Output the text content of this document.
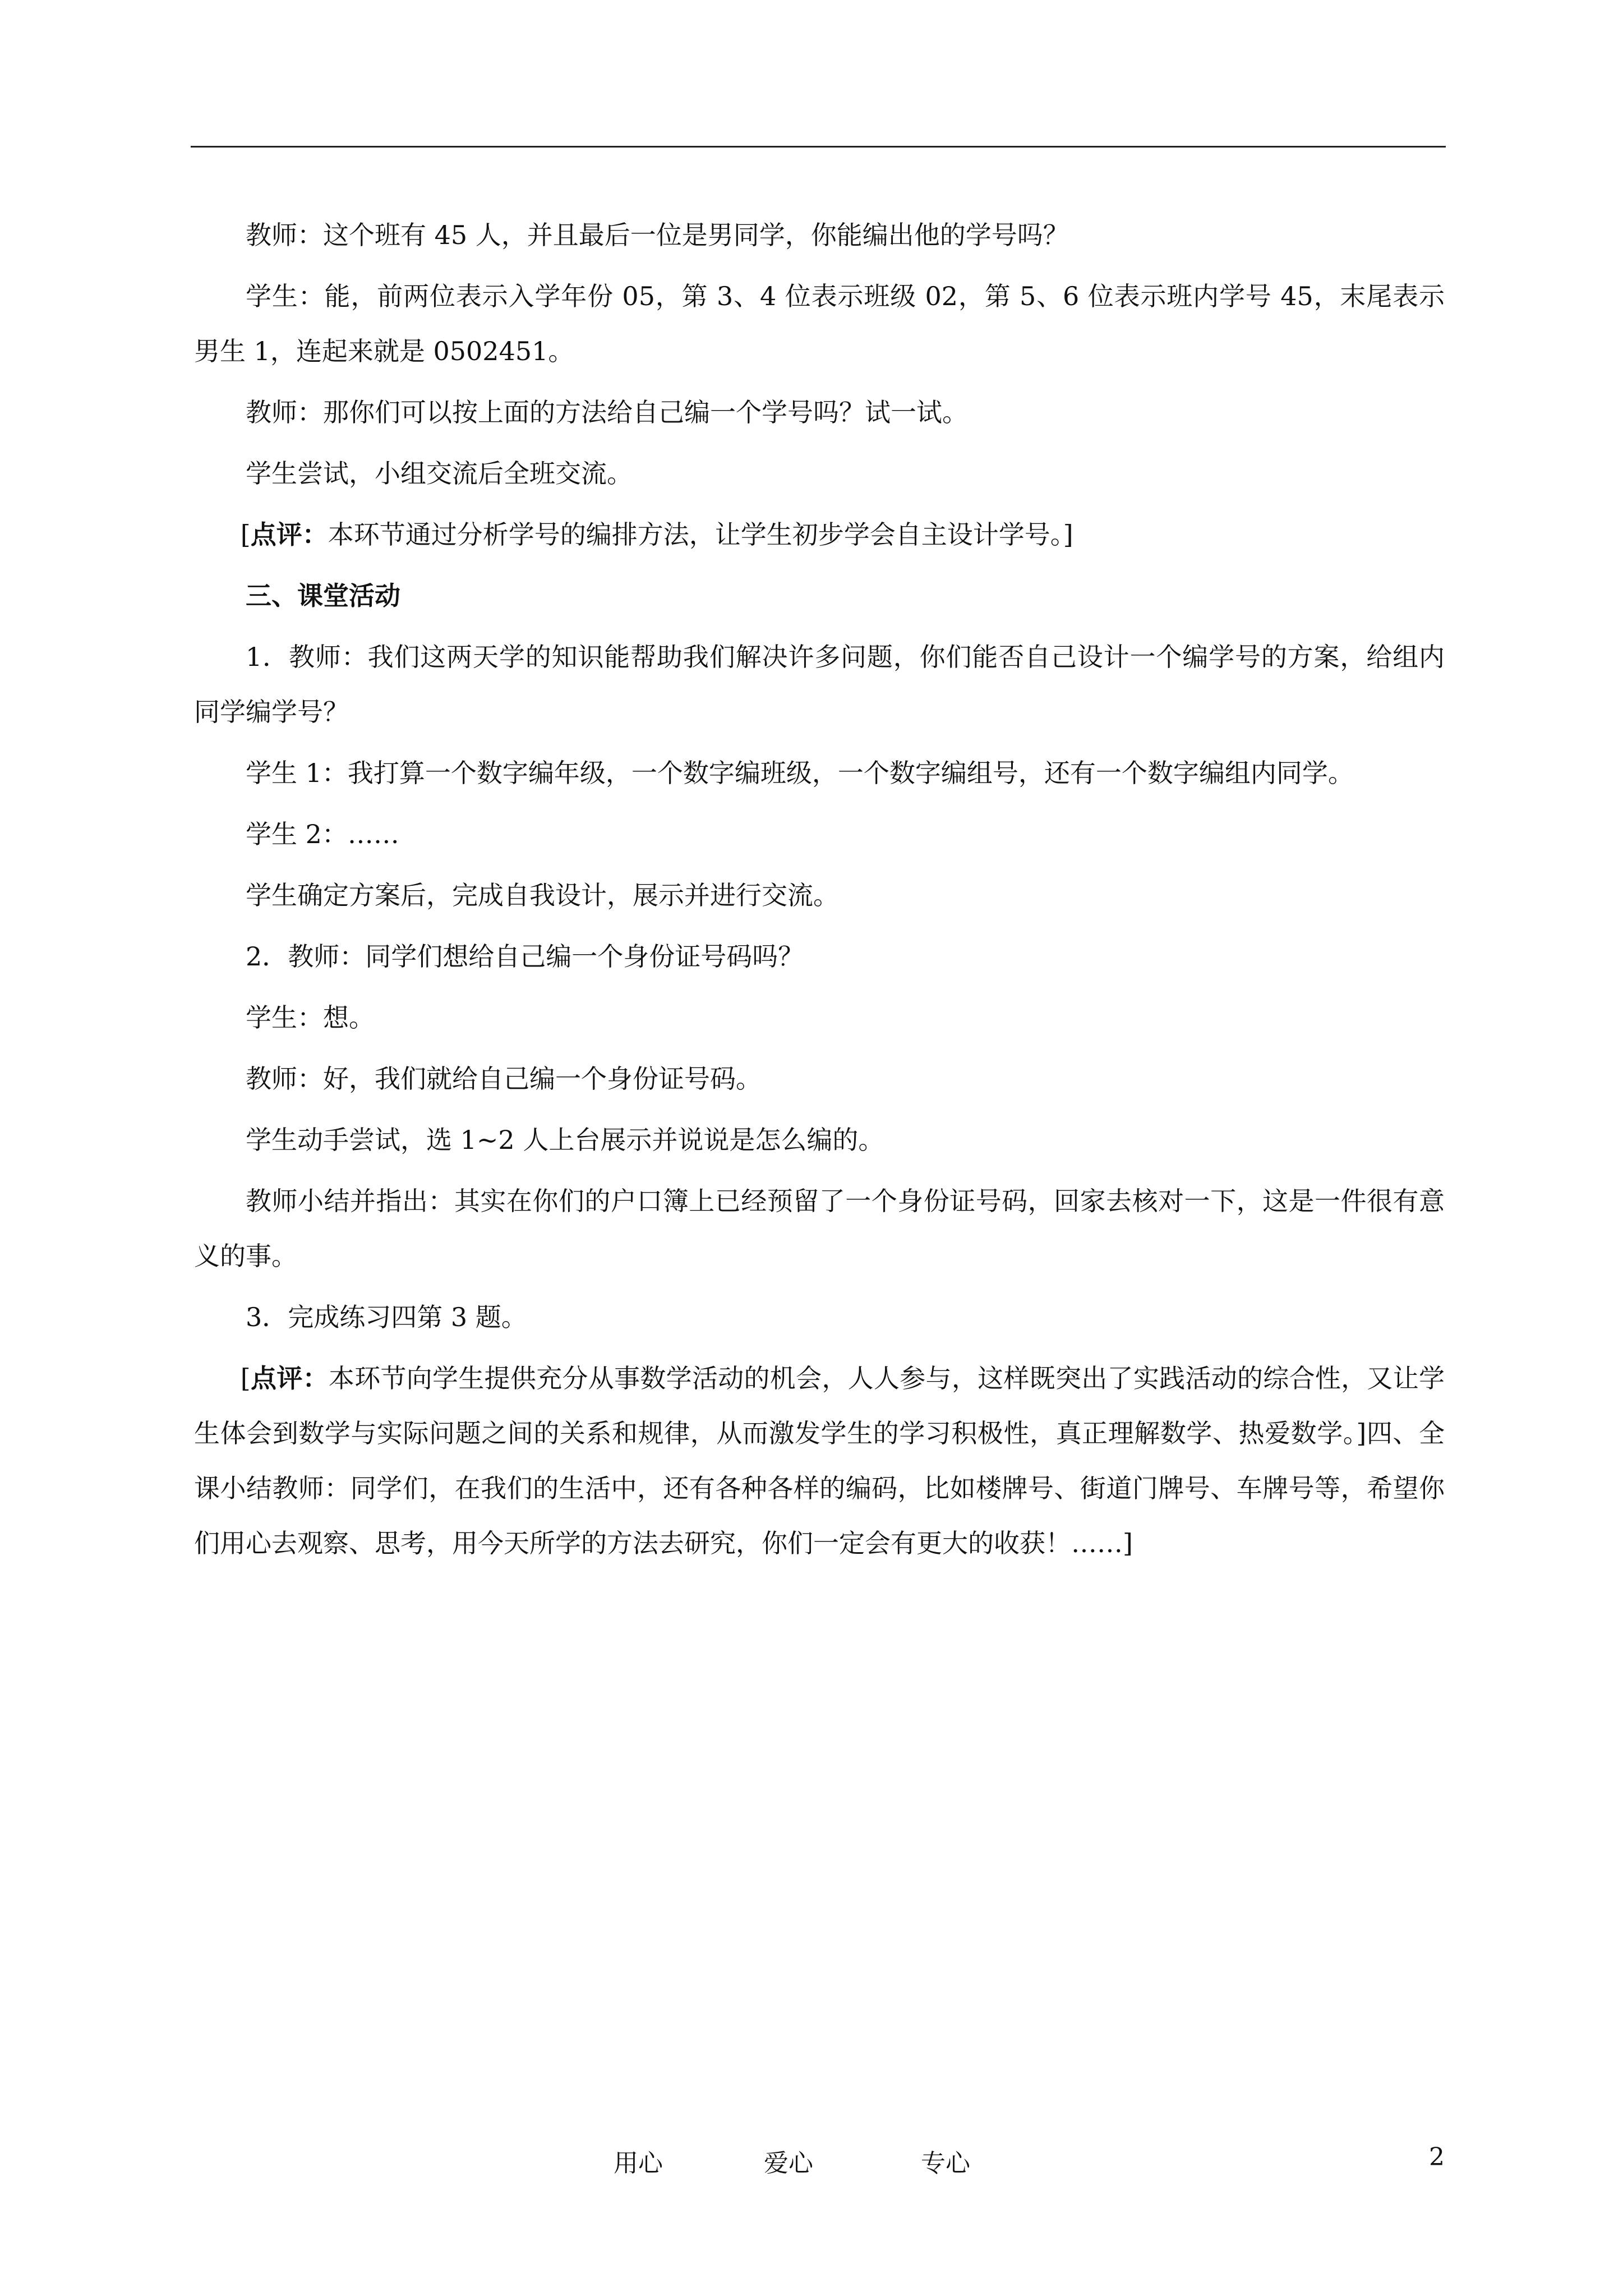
教师：这个班有 45 人，并且最后一位是男同学，你能编出他的学号吗？

学生：能，前两位表示入学年份 05，第 3、4 位表示班级 02，第 5、6 位表示班内学号 45，末尾表示男生 1，连起来就是 0502451。

教师：那你们可以按上面的方法给自己编一个学号吗？试一试。

学生尝试，小组交流后全班交流。

[点评：本环节通过分析学号的编排方法，让学生初步学会自主设计学号。]

三、课堂活动

1．教师：我们这两天学的知识能帮助我们解决许多问题，你们能否自己设计一个编学号的方案，给组内同学编学号？

学生 1：我打算一个数字编年级，一个数字编班级，一个数字编组号，还有一个数字编组内同学。

学生 2：……

学生确定方案后，完成自我设计，展示并进行交流。

2．教师：同学们想给自己编一个身份证号码吗？

学生：想。

教师：好，我们就给自己编一个身份证号码。

学生动手尝试，选 1~2 人上台展示并说说是怎么编的。

教师小结并指出：其实在你们的户口簿上已经预留了一个身份证号码，回家去核对一下，这是一件很有意义的事。

3．完成练习四第 3 题。

[点评：本环节向学生提供充分从事数学活动的机会，人人参与，这样既突出了实践活动的综合性，又让学生体会到数学与实际问题之间的关系和规律，从而激发学生的学习积极性，真正理解数学、热爱数学。]四、全课小结教师：同学们，在我们的生活中，还有各种各样的编码，比如楼牌号、街道门牌号、车牌号等，希望你们用心去观察、思考，用今天所学的方法去研究，你们一定会有更大的收获！……]

用心	爱心	专心	2
